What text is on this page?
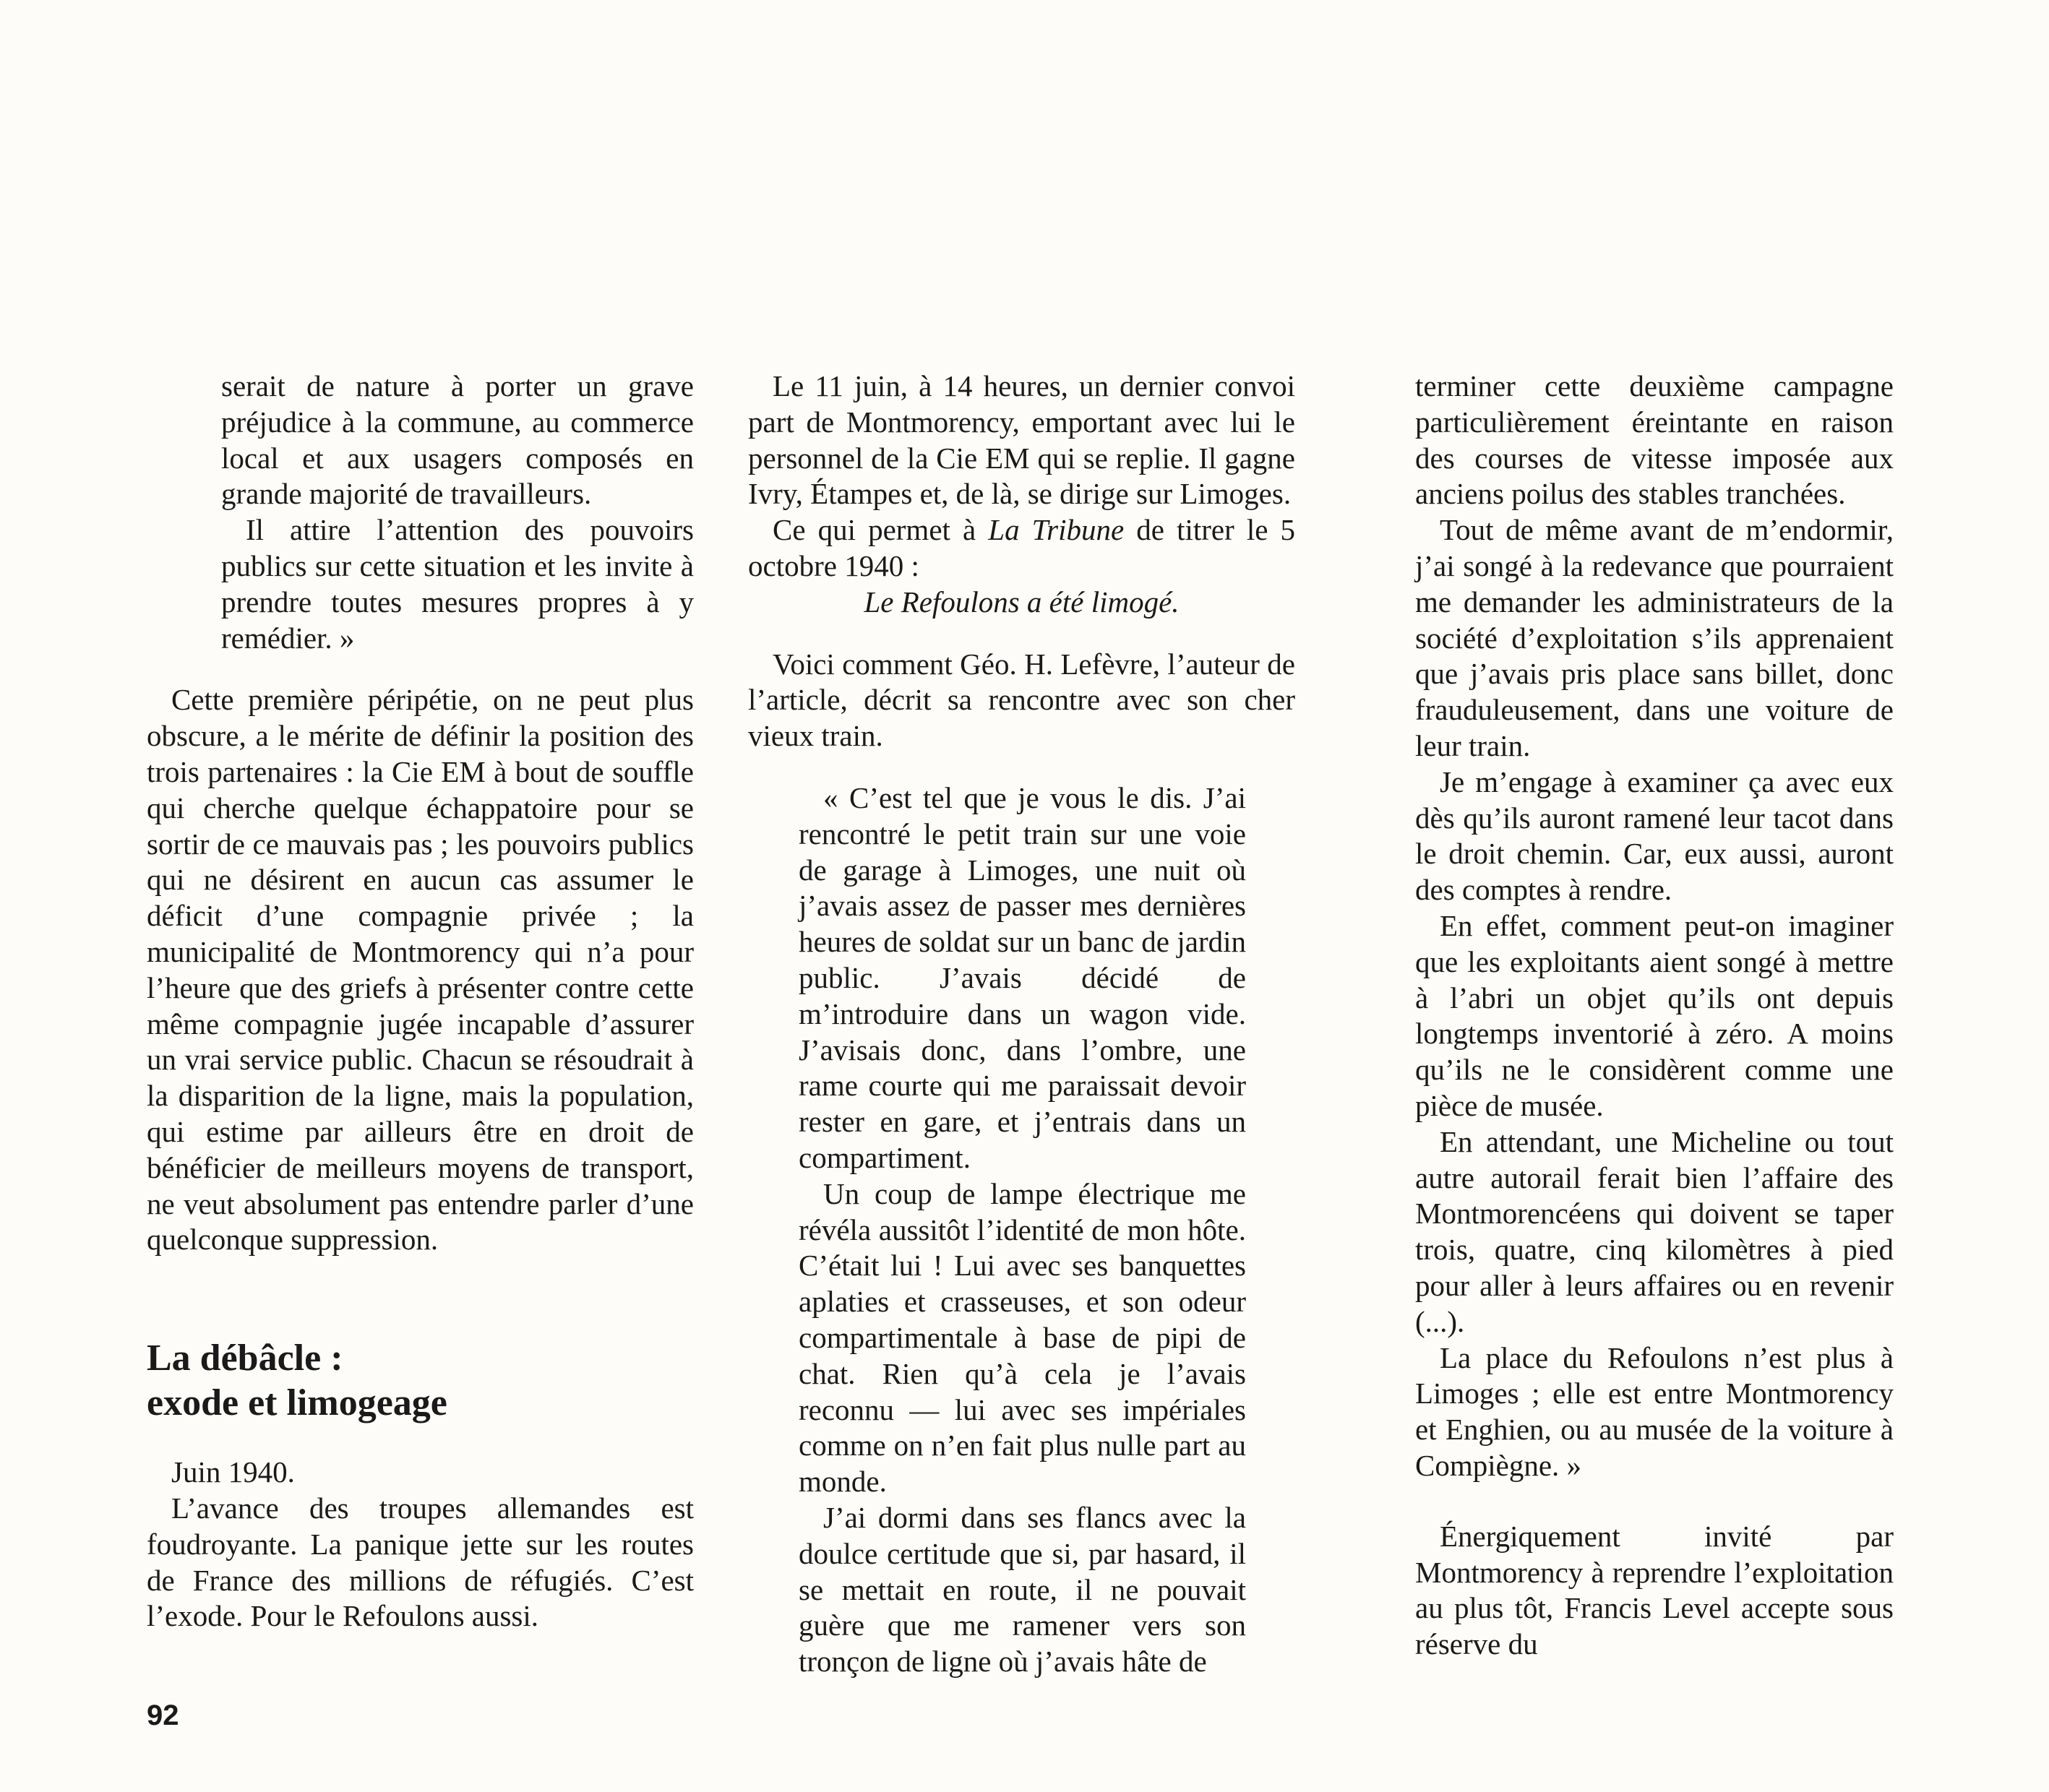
serait de nature à porter un grave préjudice à la commune, au commerce local et aux usagers composés en grande majorité de travailleurs.

Il attire l’attention des pouvoirs publics sur cette situation et les invite à prendre toutes mesures propres à y remédier. »

Cette première péripétie, on ne peut plus obscure, a le mérite de définir la position des trois partenaires : la Cie EM à bout de souffle qui cherche quelque échappatoire pour se sortir de ce mauvais pas ; les pouvoirs publics qui ne désirent en aucun cas assumer le déficit d’une compagnie privée ; la municipalité de Montmorency qui n’a pour l’heure que des griefs à présenter contre cette même compagnie jugée incapable d’assurer un vrai service public. Chacun se résoudrait à la disparition de la ligne, mais la population, qui estime par ailleurs être en droit de bénéficier de meilleurs moyens de transport, ne veut absolument pas entendre parler d’une quelconque suppression.

La débâcle :
exode et limogeage

Juin 1940.

L’avance des troupes allemandes est foudroyante. La panique jette sur les routes de France des millions de réfugiés. C’est l’exode. Pour le Refoulons aussi.

Le 11 juin, à 14 heures, un dernier convoi part de Montmorency, emportant avec lui le personnel de la Cie EM qui se replie. Il gagne Ivry, Étampes et, de là, se dirige sur Limoges.

Ce qui permet à La Tribune de titrer le 5 octobre 1940 :

Le Refoulons a été limogé.

Voici comment Géo. H. Lefèvre, l’auteur de l’article, décrit sa rencontre avec son cher vieux train.

« C’est tel que je vous le dis. J’ai rencontré le petit train sur une voie de garage à Limoges, une nuit où j’avais assez de passer mes dernières heures de soldat sur un banc de jardin public. J’avais décidé de m’introduire dans un wagon vide. J’avisais donc, dans l’ombre, une rame courte qui me paraissait devoir rester en gare, et j’entrais dans un compartiment.

Un coup de lampe électrique me révéla aussitôt l’identité de mon hôte. C’était lui ! Lui avec ses banquettes aplaties et crasseuses, et son odeur compartimentale à base de pipi de chat. Rien qu’à cela je l’avais reconnu — lui avec ses impériales comme on n’en fait plus nulle part au monde.

J’ai dormi dans ses flancs avec la doulce certitude que si, par hasard, il se mettait en route, il ne pouvait guère que me ramener vers son tronçon de ligne où j’avais hâte de

terminer cette deuxième campagne particulièrement éreintante en raison des courses de vitesse imposée aux anciens poilus des stables tranchées.

Tout de même avant de m’endormir, j’ai songé à la redevance que pourraient me demander les administrateurs de la société d’exploitation s’ils apprenaient que j’avais pris place sans billet, donc frauduleusement, dans une voiture de leur train.

Je m’engage à examiner ça avec eux dès qu’ils auront ramené leur tacot dans le droit chemin. Car, eux aussi, auront des comptes à rendre.

En effet, comment peut-on imaginer que les exploitants aient songé à mettre à l’abri un objet qu’ils ont depuis longtemps inventorié à zéro. A moins qu’ils ne le considèrent comme une pièce de musée.

En attendant, une Micheline ou tout autre autorail ferait bien l’affaire des Montmorencéens qui doivent se taper trois, quatre, cinq kilomètres à pied pour aller à leurs affaires ou en revenir (...).

La place du Refoulons n’est plus à Limoges ; elle est entre Montmorency et Enghien, ou au musée de la voiture à Compiègne. »

Énergiquement invité par Montmorency à reprendre l’exploitation au plus tôt, Francis Level accepte sous réserve du

92
